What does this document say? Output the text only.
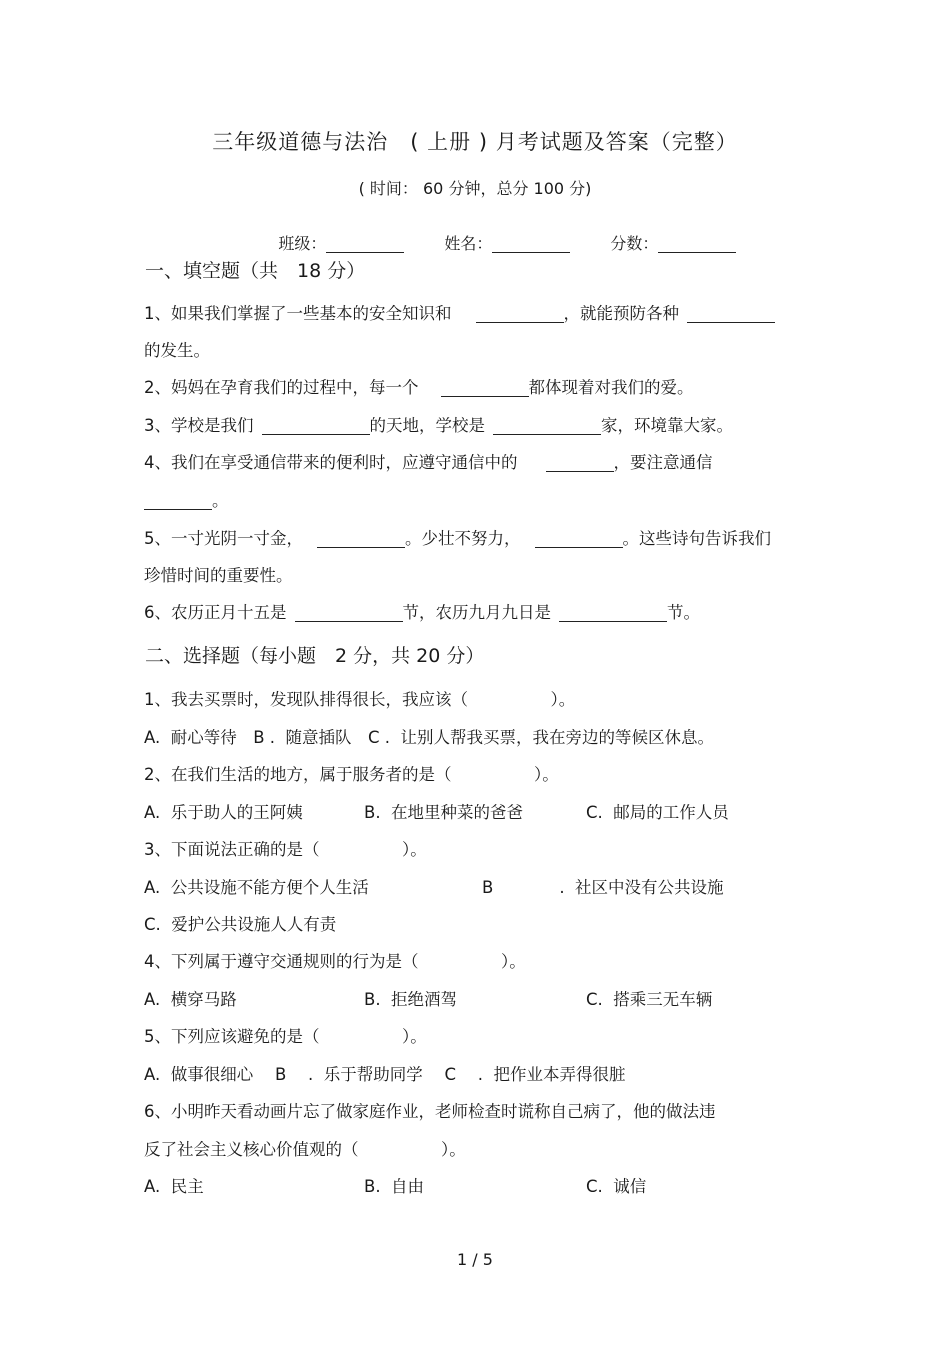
三年级道德与法治　( 上册 ) 月考试题及答案（完整）
( 时间： 60 分钟，总分 100 分)

班级：	姓名：	分数：

一、填空题（共　18 分）
1、如果我们掌握了一些基本的安全知识和	，就能预防各种
的发生。
2、妈妈在孕育我们的过程中，每一个	都体现着对我们的爱。
3、学校是我们	的天地，学校是	家，环境靠大家。
4、我们在享受通信带来的便利时，应遵守通信中的	，要注意通信
。
5、一寸光阴一寸金，	。少壮不努力，	。这些诗句告诉我们
珍惜时间的重要性。
6、农历正月十五是	节，农历九月九日是	节。
二、选择题（每小题　2 分，共 20 分）
1、我去买票时，发现队排得很长，我应该（　　　　　）。
A.  耐心等待　B .  随意插队　C .  让别人帮我买票，我在旁边的等候区休息。
2、在我们生活的地方，属于服务者的是（　　　　　）。
A.  乐于助人的王阿姨	B.  在地里种菜的爸爸	C.  邮局的工作人员
3、下面说法正确的是（　　　　　）。
A.  公共设施不能方便个人生活	B　　　　.  社区中没有公共设施
C.  爱护公共设施人人有责
4、下列属于遵守交通规则的行为是（　　　　　）。
A.  横穿马路	B.  拒绝酒驾	C.  搭乘三无车辆
5、下列应该避免的是（　　　　　）。
A.  做事很细心　 B　 .  乐于帮助同学　 C　 .  把作业本弄得很脏
6、小明昨天看动画片忘了做家庭作业，老师检查时谎称自己病了，他的做法违
反了社会主义核心价值观的（　　　　　）。
A.  民主	B.  自由	C.  诚信
1 / 5
